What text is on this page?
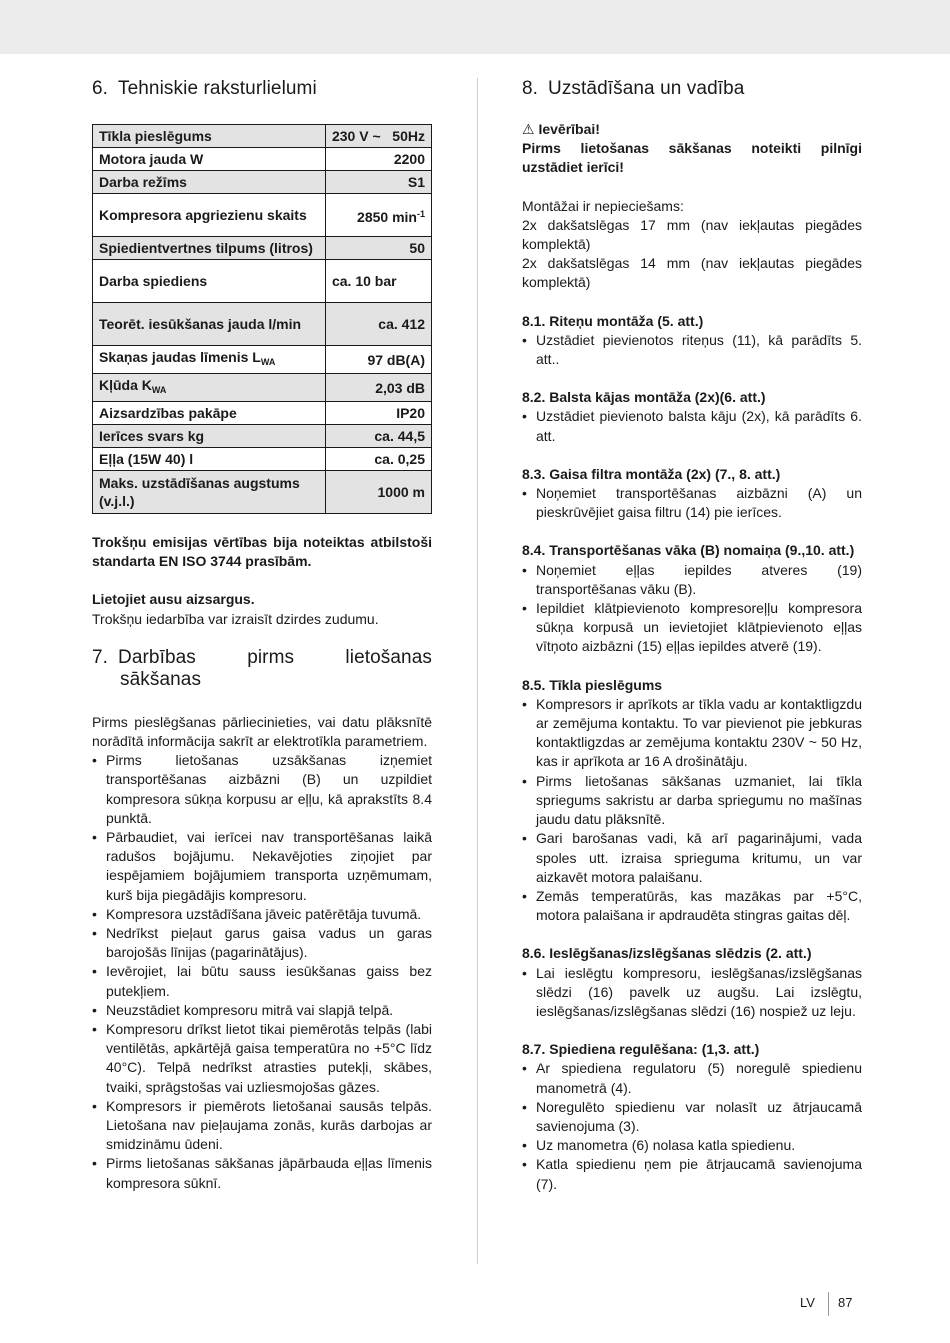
6. Tehniskie raksturlielumi
Tīkla pieslēgums	230 V ~   50Hz
Motora jauda W	2200
Darba režīms	S1
Kompresora apgriezienu skaits	2850 $\min^{-1}$
Spiedientvertnes tilpums (litros)	50
Darba spiediens	ca. 10 bar
Teorēt. iesūkšanas jauda l/min	ca. 412
Skaņas jaudas līmenis $L_{WA}$	97 dB(A)
Kļūda $K_{WA}$	2,03 dB
Aizsardzības pakāpe	IP20
Ierīces svars kg	ca. 44,5
Eļļa (15W 40) l	ca. 0,25
Maks. uzstādīšanas augstums (v.j.l.)	1000 m

Trokšņu emisijas vērtības bija noteiktas atbilstoši standarta EN ISO 3744 prasībām.

Lietojiet ausu aizsargus.

Trokšņu iedarbība var izraisīt dzirdes zudumu.

7. Darbības	pirms	lietošanas
sākšanas

Pirms pieslēgšanas pārliecinieties, vai datu plāksnītē norādītā informācija sakrīt ar elektrotīkla parametriem.

• Pirms lietošanas uzsākšanas izņemiet transportēšanas aizbāzni (B) un uzpildiet kompresora sūkņa korpusu ar eļļu, kā aprakstīts 8.4 punktā.
• Pārbaudiet, vai ierīcei nav transportēšanas laikā radušos bojājumu. Nekavējoties ziņojiet par iespējamiem bojājumiem transporta uzņēmumam, kurš bija piegādājis kompresoru.
• Kompresora uzstādīšana jāveic patērētāja tuvumā.
• Nedrīkst pieļaut garus gaisa vadus un garas barojošās līnijas (pagarinātājus).
• Ievērojiet, lai būtu sauss iesūkšanas gaiss bez putekļiem.
• Neuzstādiet kompresoru mitrā vai slapjā telpā.
• Kompresoru drīkst lietot tikai piemērotās telpās (labi ventilētās, apkārtējā gaisa temperatūra no +5°C līdz 40°C). Telpā nedrīkst atrasties putekļi, skābes, tvaiki, sprāgstošas vai uzliesmojošas gāzes.
• Kompresors ir piemērots lietošanai sausās telpās. Lietošana nav pieļaujama zonās, kurās darbojas ar smidzināmu ūdeni.
• Pirms lietošanas sākšanas jāpārbauda eļļas līmenis kompresora sūknī.
8. Uzstādīšana un vadība

⚠ Ievērībai!

Pirms lietošanas sākšanas noteikti pilnīgi uzstādiet ierīci!

Montāžai ir nepieciešams:

2x dakšatslēgas 17 mm (nav iekļautas piegādes komplektā)

2x dakšatslēgas 14 mm (nav iekļautas piegādes komplektā)

8.1. Riteņu montāža (5. att.)

• Uzstādiet pievienotos riteņus (11), kā parādīts 5. att..

8.2. Balsta kājas montāža (2x)(6. att.)

• Uzstādiet pievienoto balsta kāju (2x), kā parādīts 6. att.

8.3. Gaisa filtra montāža (2x) (7., 8. att.)

• Noņemiet transportēšanas aizbāzni (A) un pieskrūvējiet gaisa filtru (14) pie ierīces.

8.4. Transportēšanas vāka (B) nomaiņa (9.,10. att.)

• Noņemiet eļļas iepildes atveres (19) transportēšanas vāku (B).
• Iepildiet klātpievienoto kompresoreļļu kompresora sūkņa korpusā un ievietojiet klātpievienoto eļļas vītņoto aizbāzni (15) eļļas iepildes atverē (19).

8.5. Tīkla pieslēgums

• Kompresors ir aprīkots ar tīkla vadu ar kontaktligzdu ar zemējuma kontaktu. To var pievienot pie jebkuras kontaktligzdas ar zemējuma kontaktu 230V ~ 50 Hz, kas ir aprīkota ar 16 A drošinātāju.
• Pirms lietošanas sākšanas uzmaniet, lai tīkla spriegums sakristu ar darba spriegumu no mašīnas jaudu datu plāksnītē.
• Gari barošanas vadi, kā arī pagarinājumi, vada spoles utt. izraisa sprieguma kritumu, un var aizkavēt motora palaišanu.
• Zemās temperatūrās, kas mazākas par +5°C, motora palaišana ir apdraudēta stingras gaitas dēļ.

8.6. Ieslēgšanas/izslēgšanas slēdzis (2. att.)

• Lai ieslēgtu kompresoru, ieslēgšanas/izslēgšanas slēdzi (16) pavelk uz augšu. Lai izslēgtu, ieslēgšanas/izslēgšanas slēdzi (16) nospiež uz leju.

8.7. Spiediena regulēšana: (1,3. att.)

• Ar spiediena regulatoru (5) noregulē spiedienu manometrā (4).
• Noregulēto spiedienu var nolasīt uz ātrjaucamā savienojuma (3).
• Uz manometra (6) nolasa katla spiedienu.
• Katla spiedienu ņem pie ātrjaucamā savienojuma (7).
LV 87
